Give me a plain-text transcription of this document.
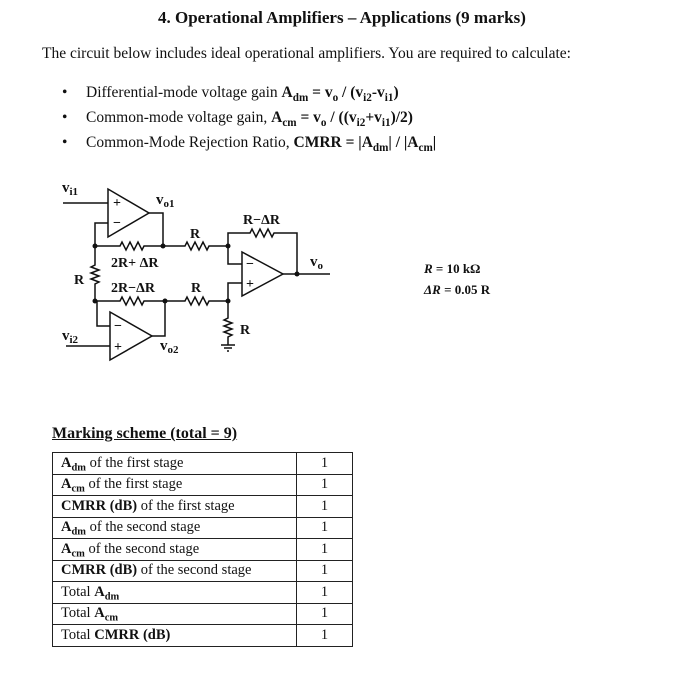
4. Operational Amplifiers – Applications (9 marks)
The circuit below includes ideal operational amplifiers. You are required to calculate:
• Differential-mode voltage gain $A_{dm} = v_o / (v_{i2}-v_{i1})$
• Common-mode voltage gain, $A_{cm} = v_o / ((v_{i2}+v_{i1})/2)$
• Common-Mode Rejection Ratio, CMRR = $|A_{dm}| / |A_{cm}|$
+
−
−
+
−
+
$v_{i1}$
$v_{i2}$
$v_{o1}$
$v_{o2}$
$v_o$
R
R−ΔR
2R+ ΔR
2R−ΔR	R
R
R
R = 10 kΩ
ΔR = 0.05 R
Marking scheme (total = 9)
$A_{dm}$ of the first stage	1
$A_{cm}$ of the first stage	1
CMRR (dB) of the first stage	1
$A_{dm}$ of the second stage	1
$A_{cm}$ of the second stage	1
CMRR (dB) of the second stage	1
Total $A_{dm}$	1
Total $A_{cm}$	1
Total CMRR (dB)	1
